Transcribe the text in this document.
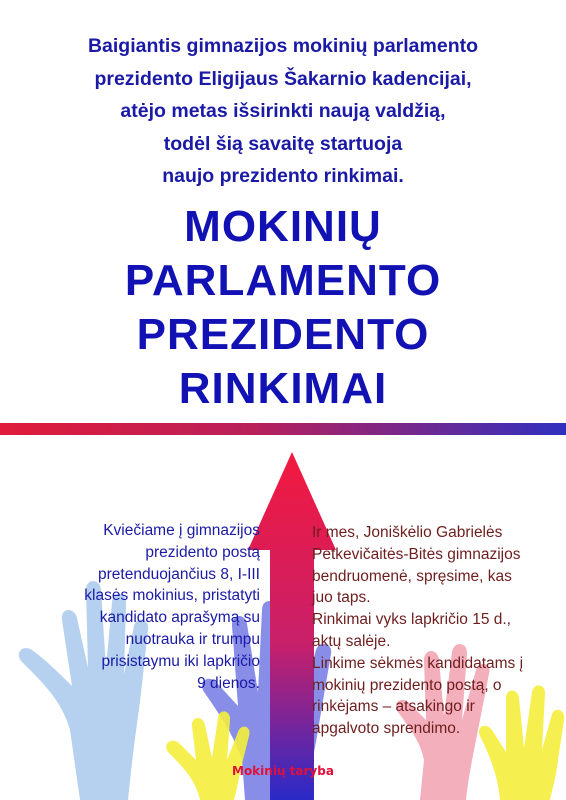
Baigiantis gimnazijos mokinių parlamento
prezidento Eligijaus Šakarnio kadencijai,
atėjo metas išsirinkti naują valdžią,
todėl šią savaitę startuoja
naujo prezidento rinkimai.
MOKINIŲ
PARLAMENTO
PREZIDENTO
RINKIMAI
Kviečiame į gimnazijos
prezidento postą
pretenduojančius 8, I-III
klasės mokinius, pristatyti
kandidato aprašymą su
nuotrauka ir trumpu
prisistaymu iki lapkričio
9 dienos.
Ir mes, Joniškėlio Gabrielės
Petkevičaitės-Bitės gimnazijos
bendruomenė, spręsime, kas
juo taps.
Rinkimai vyks lapkričio 15 d.,
aktų salėje.
Linkime sėkmės kandidatams į
mokinių prezidento postą, o
rinkėjams – atsakingo ir
apgalvoto sprendimo.
Mokinių taryba
